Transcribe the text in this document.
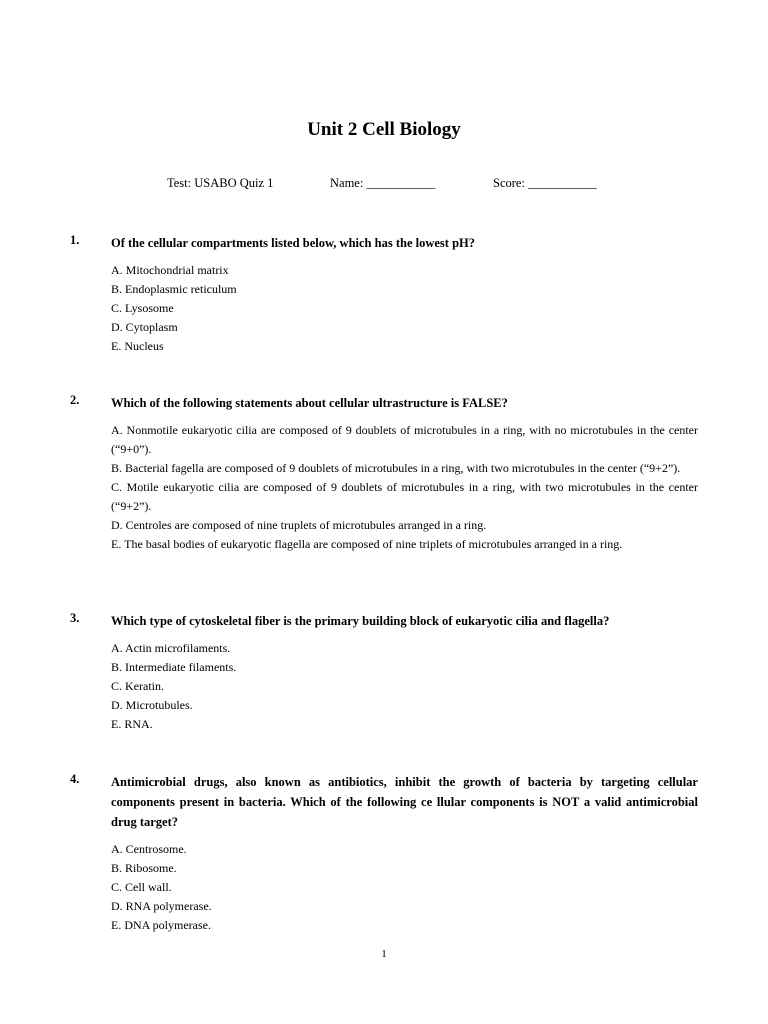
Unit 2 Cell Biology
Test: USABO Quiz 1	Name: ___________	Score: ___________
1.	Of the cellular compartments listed below, which has the lowest pH?
A. Mitochondrial matrix
B. Endoplasmic reticulum
C. Lysosome
D. Cytoplasm
E. Nucleus
2.	Which of the following statements about cellular ultrastructure is FALSE?
A. Nonmotile eukaryotic cilia are composed of 9 doublets of microtubules in a ring, with no microtubules in the center (“9+0”).
B. Bacterial fagella are composed of 9 doublets of microtubules in a ring, with two microtubules in the center (“9+2”).
C. Motile eukaryotic cilia are composed of 9 doublets of microtubules in a ring, with two microtubules in the center (“9+2”).
D. Centroles are composed of nine truplets of microtubules arranged in a ring.
E. The basal bodies of eukaryotic flagella are composed of nine triplets of microtubules arranged in a ring.
3.	Which type of cytoskeletal fiber is the primary building block of eukaryotic cilia and flagella?
A. Actin microfilaments.
B. Intermediate filaments.
C. Keratin.
D. Microtubules.
E. RNA.
4.	Antimicrobial drugs, also known as antibiotics, inhibit the growth of bacteria by targeting cellular components present in bacteria. Which of the following ce llular components is NOT a valid antimicrobial drug target?
A. Centrosome.
B. Ribosome.
C. Cell wall.
D. RNA polymerase.
E. DNA polymerase.
1
